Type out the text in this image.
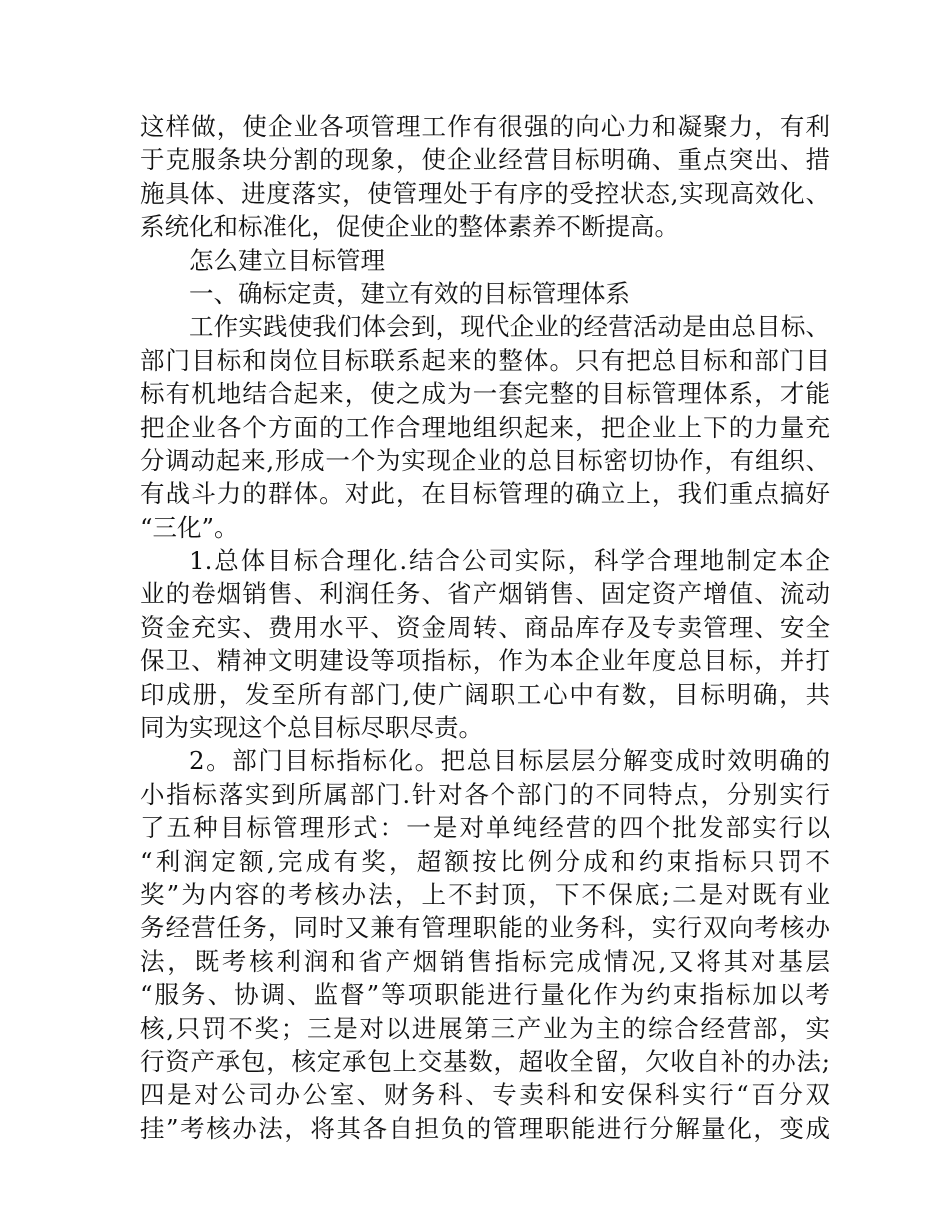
这样做，使企业各项管理工作有很强的向心力和凝聚力，有利
于克服条块分割的现象，使企业经营目标明确、重点突出、措
施具体、进度落实，使管理处于有序的受控状态,实现高效化、
系统化和标准化，促使企业的整体素养不断提高。
怎么建立目标管理
一、确标定责，建立有效的目标管理体系
工作实践使我们体会到，现代企业的经营活动是由总目标、
部门目标和岗位目标联系起来的整体。只有把总目标和部门目
标有机地结合起来，使之成为一套完整的目标管理体系，才能
把企业各个方面的工作合理地组织起来，把企业上下的力量充
分调动起来,形成一个为实现企业的总目标密切协作，有组织、
有战斗力的群体。对此，在目标管理的确立上，我们重点搞好
“三化”。
1.总体目标合理化.结合公司实际，科学合理地制定本企
业的卷烟销售、利润任务、省产烟销售、固定资产增值、流动
资金充实、费用水平、资金周转、商品库存及专卖管理、安全
保卫、精神文明建设等项指标，作为本企业年度总目标，并打
印成册，发至所有部门,使广阔职工心中有数，目标明确，共
同为实现这个总目标尽职尽责。
2。部门目标指标化。把总目标层层分解变成时效明确的
小指标落实到所属部门.针对各个部门的不同特点，分别实行
了五种目标管理形式：一是对单纯经营的四个批发部实行以
“利润定额,完成有奖，超额按比例分成和约束指标只罚不
奖”为内容的考核办法，上不封顶，下不保底;二是对既有业
务经营任务，同时又兼有管理职能的业务科，实行双向考核办
法，既考核利润和省产烟销售指标完成情况,又将其对基层
“服务、协调、监督”等项职能进行量化作为约束指标加以考
核,只罚不奖；三是对以进展第三产业为主的综合经营部，实
行资产承包，核定承包上交基数，超收全留，欠收自补的办法;
四是对公司办公室、财务科、专卖科和安保科实行“百分双
挂”考核办法，将其各自担负的管理职能进行分解量化，变成
